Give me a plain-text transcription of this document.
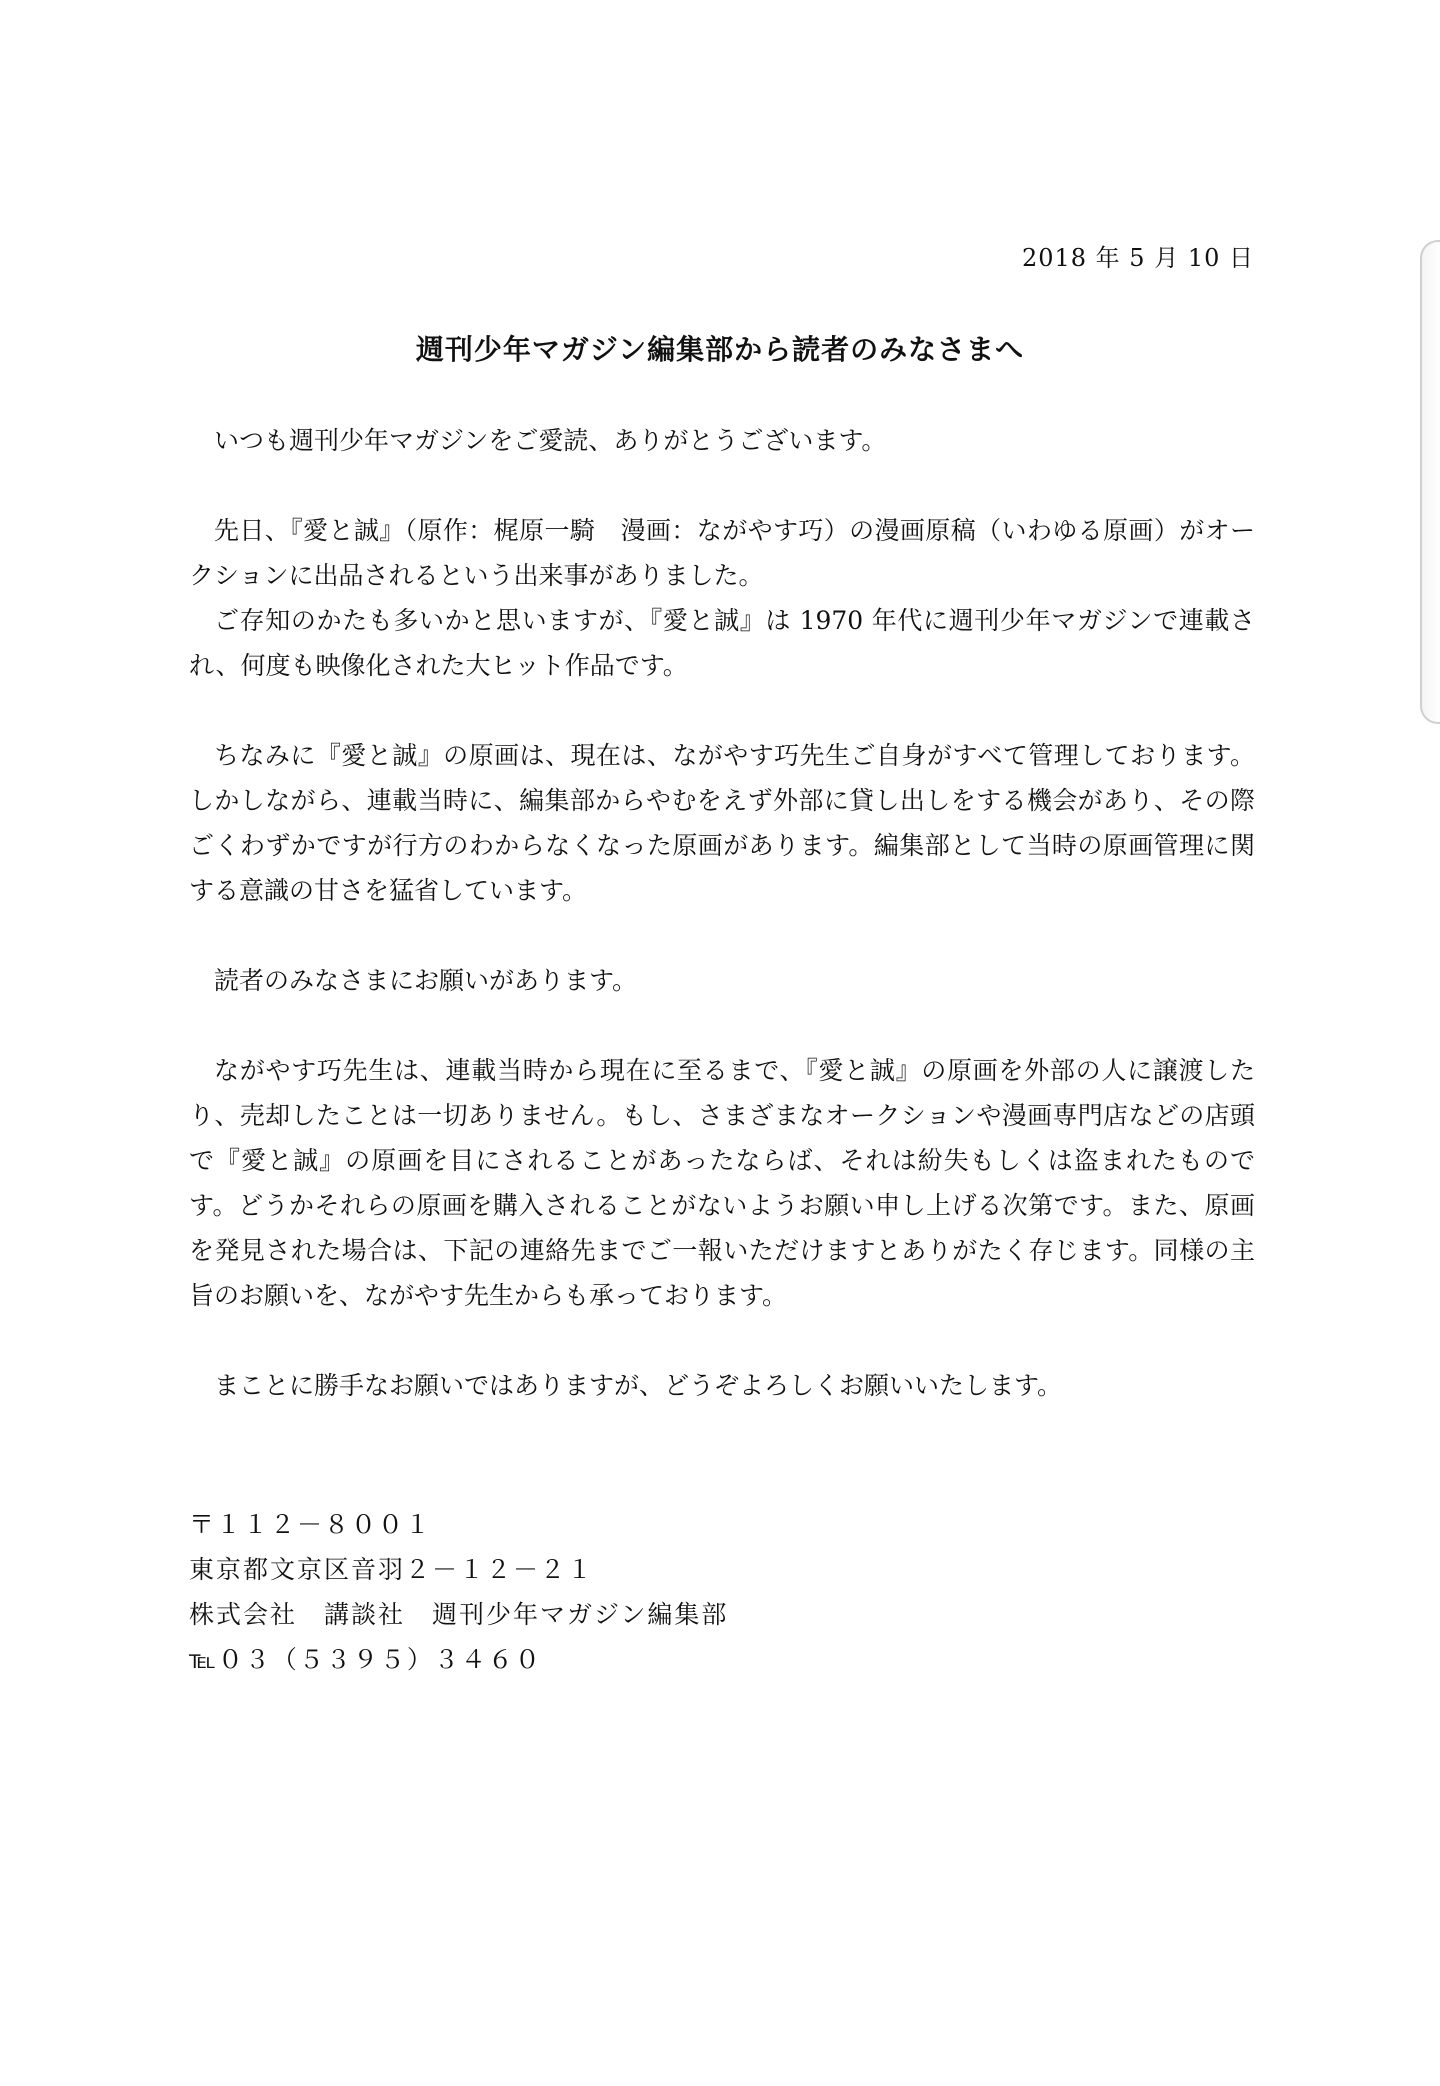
2018 年 5 月 10 日
週刊少年マガジン編集部から読者のみなさまへ

いつも週刊少年マガジンをご愛読、ありがとうございます。

先日、『愛と誠』（原作：梶原一騎　漫画：ながやす巧）の漫画原稿（いわゆる原画）がオークションに出品されるという出来事がありました。

ご存知のかたも多いかと思いますが、『愛と誠』は 1970 年代に週刊少年マガジンで連載され、何度も映像化された大ヒット作品です。

ちなみに『愛と誠』の原画は、現在は、ながやす巧先生ご自身がすべて管理しております。しかしながら、連載当時に、編集部からやむをえず外部に貸し出しをする機会があり、その際ごくわずかですが行方のわからなくなった原画があります。編集部として当時の原画管理に関する意識の甘さを猛省しています。

読者のみなさまにお願いがあります。

ながやす巧先生は、連載当時から現在に至るまで、『愛と誠』の原画を外部の人に譲渡したり、売却したことは一切ありません。もし、さまざまなオークションや漫画専門店などの店頭で『愛と誠』の原画を目にされることがあったならば、それは紛失もしくは盗まれたものです。どうかそれらの原画を購入されることがないようお願い申し上げる次第です。また、原画を発見された場合は、下記の連絡先までご一報いただけますとありがたく存じます。同様の主旨のお願いを、ながやす先生からも承っております。

まことに勝手なお願いではありますが、どうぞよろしくお願いいたします。

〒１１２－８００１
東京都文京区音羽２－１２－２１
株式会社　講談社　週刊少年マガジン編集部
℡０３（５３９５）３４６０
